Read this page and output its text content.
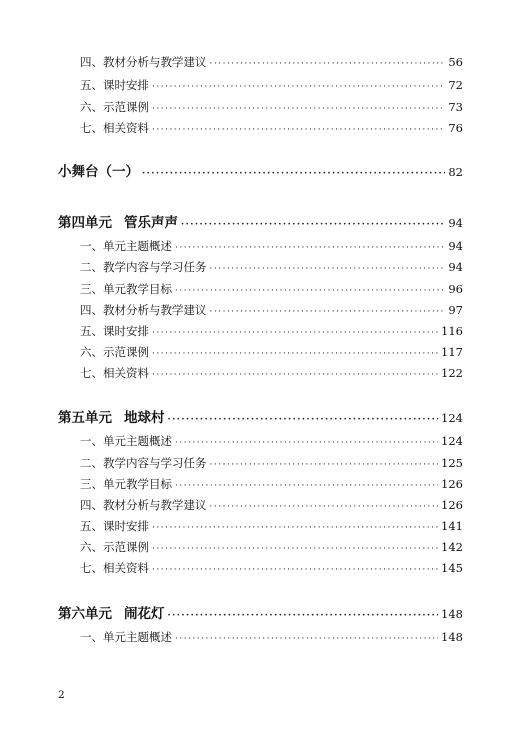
四、教材分析与教学建议 ·····	56
五、课时安排 ·····	72
六、示范课例 ·····	73
七、相关资料 ·····	76
小舞台（一） ·····	82
第四单元 管乐声声 ·····	94
一、单元主题概述 ·····	94
二、教学内容与学习任务 ·····	94
三、单元教学目标 ·····	96
四、教材分析与教学建议 ·····	97
五、课时安排 ·····	116
六、示范课例 ·····	117
七、相关资料 ·····	122
第五单元 地球村 ·····	124
一、单元主题概述 ·····	124
二、教学内容与学习任务 ·····	125
三、单元教学目标 ·····	126
四、教材分析与教学建议 ·····	126
五、课时安排 ·····	141
六、示范课例 ·····	142
七、相关资料 ·····	145
第六单元 闹花灯 ·····	148
一、单元主题概述 ·····	148
2
